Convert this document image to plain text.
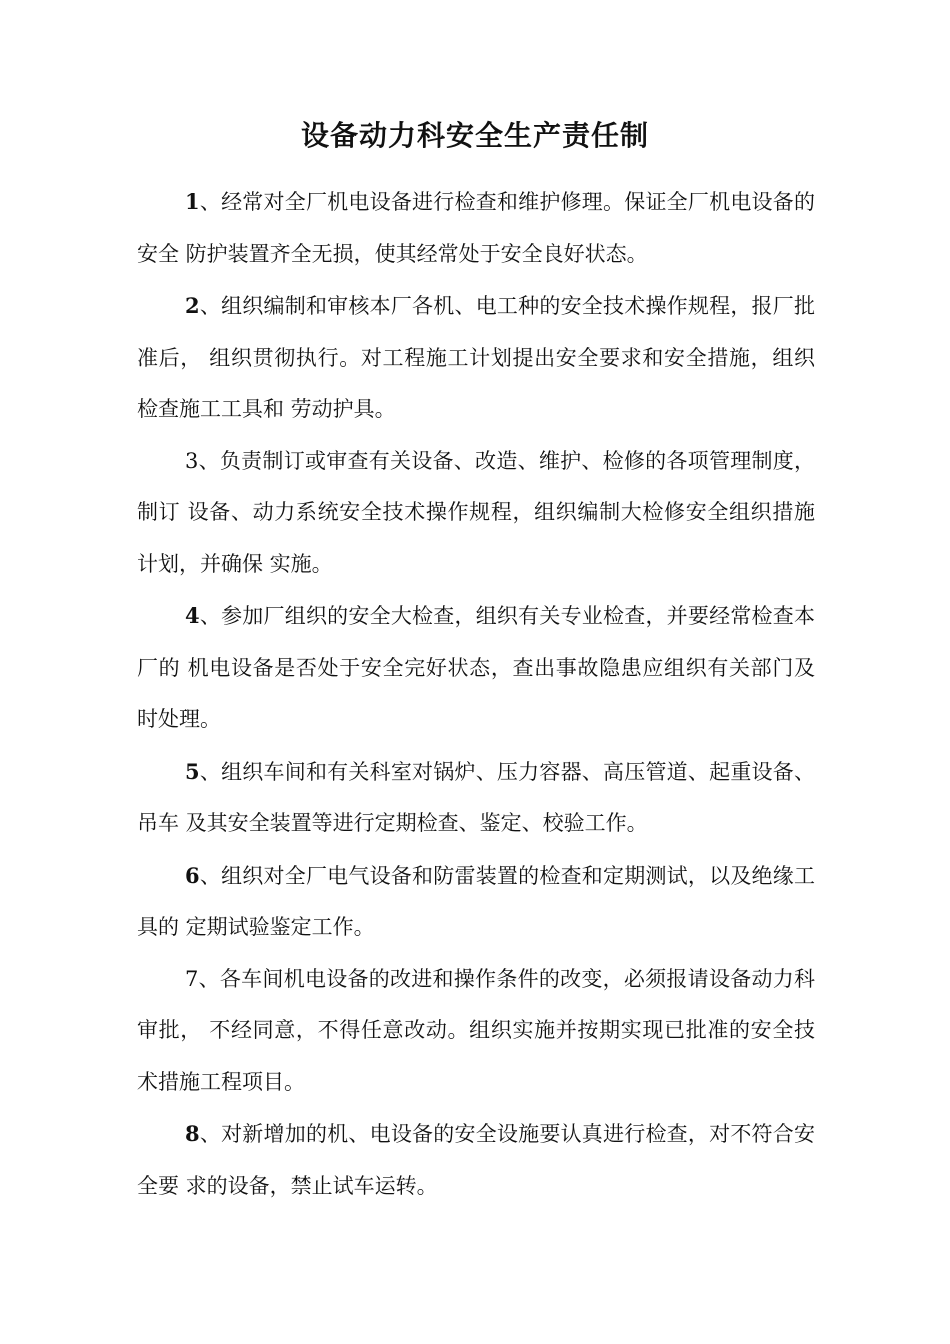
设备动力科安全生产责任制

1、经常对全厂机电设备进行检查和维护修理。保证全厂机电设备的安全 防护装置齐全无损，使其经常处于安全良好状态。

2、组织编制和审核本厂各机、电工种的安全技术操作规程，报厂批准后， 组织贯彻执行。对工程施工计划提出安全要求和安全措施，组织检查施工工具和 劳动护具。

3、负责制订或审查有关设备、改造、维护、检修的各项管理制度，制订 设备、动力系统安全技术操作规程，组织编制大检修安全组织措施计划，并确保 实施。

4、参加厂组织的安全大检查，组织有关专业检查，并要经常检查本厂的 机电设备是否处于安全完好状态，查出事故隐患应组织有关部门及时处理。

5、组织车间和有关科室对锅炉、压力容器、高压管道、起重设备、吊车 及其安全装置等进行定期检查、鉴定、校验工作。

6、组织对全厂电气设备和防雷装置的检查和定期测试，以及绝缘工具的 定期试验鉴定工作。

7、各车间机电设备的改进和操作条件的改变，必须报请设备动力科审批， 不经同意，不得任意改动。组织实施并按期实现已批准的安全技术措施工程项目。

8、对新增加的机、电设备的安全设施要认真进行检查，对不符合安全要 求的设备，禁止试车运转。
